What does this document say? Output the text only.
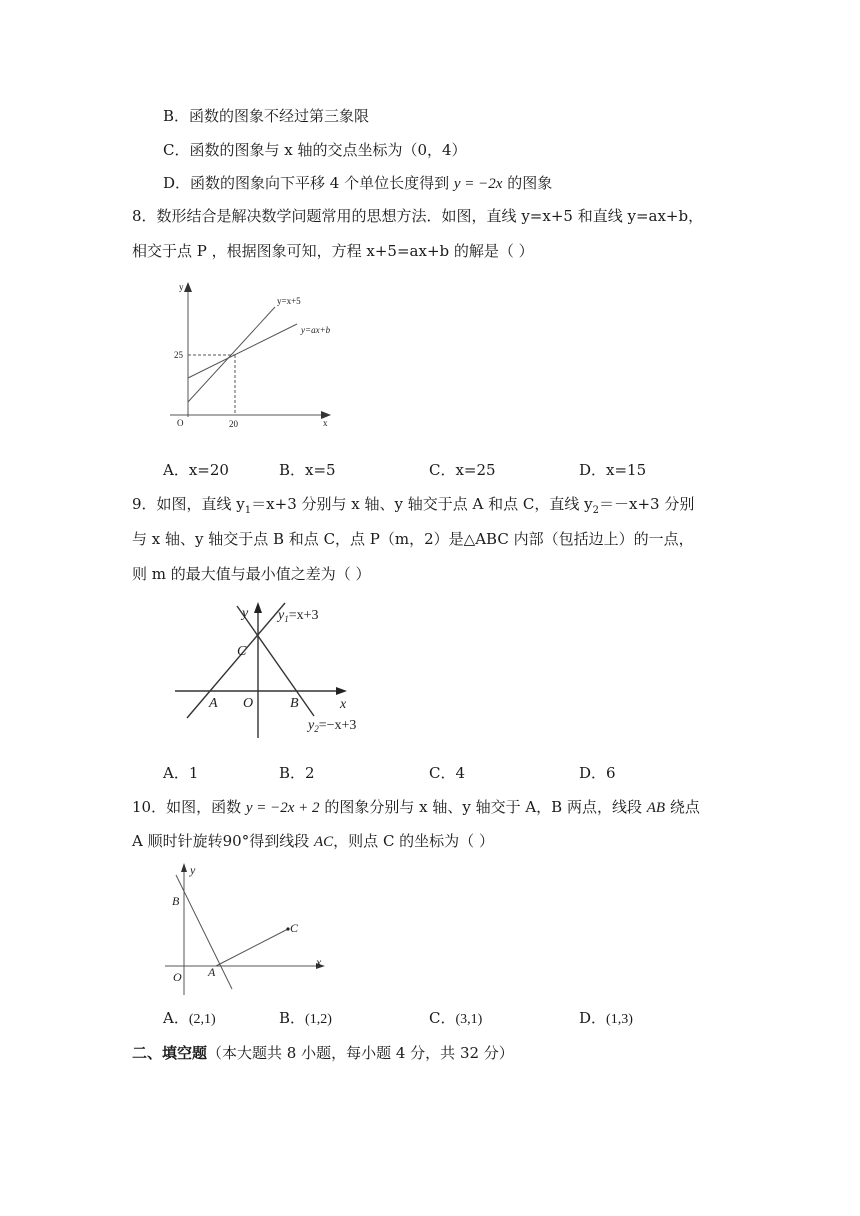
B．函数的图象不经过第三象限
C．函数的图象与 x 轴的交点坐标为（0，4）
D．函数的图象向下平移 4 个单位长度得到 y = −2x 的图象
8．数形结合是解决数学问题常用的思想方法．如图，直线 y=x+5 和直线 y=ax+b，
相交于点 P ，根据图象可知，方程 x+5=ax+b 的解是（ ）
y
x
O
25
20
y=x+5
y=ax+b
A．x=20	B．x=5	C．x=25	D．x=15
9．如图，直线 $y_1=x+3$ 分别与 x 轴、y 轴交于点 A 和点 C，直线 $y_2=-x+3$ 分别
与 x 轴、y 轴交于点 B 和点 C，点 P（m，2）是△ABC 内部（包括边上）的一点，
则 m 的最大值与最小值之差为（ ）
y
x
C
A O	B
$y_1=x+3$
$y_2=-x+3$
A．1	B．2	C．4	D．6
10．如图，函数 y = −2x + 2 的图象分别与 x 轴、y 轴交于 A，B 两点，线段 AB 绕点
A 顺时针旋转90°得到线段 AC，则点 C 的坐标为（ ）
y
x
B
C
O A
A．(2,1)	B．(1,2)	C．(3,1)	D．(1,3)
二、填空题（本大题共 8 小题，每小题 4 分，共 32 分）
